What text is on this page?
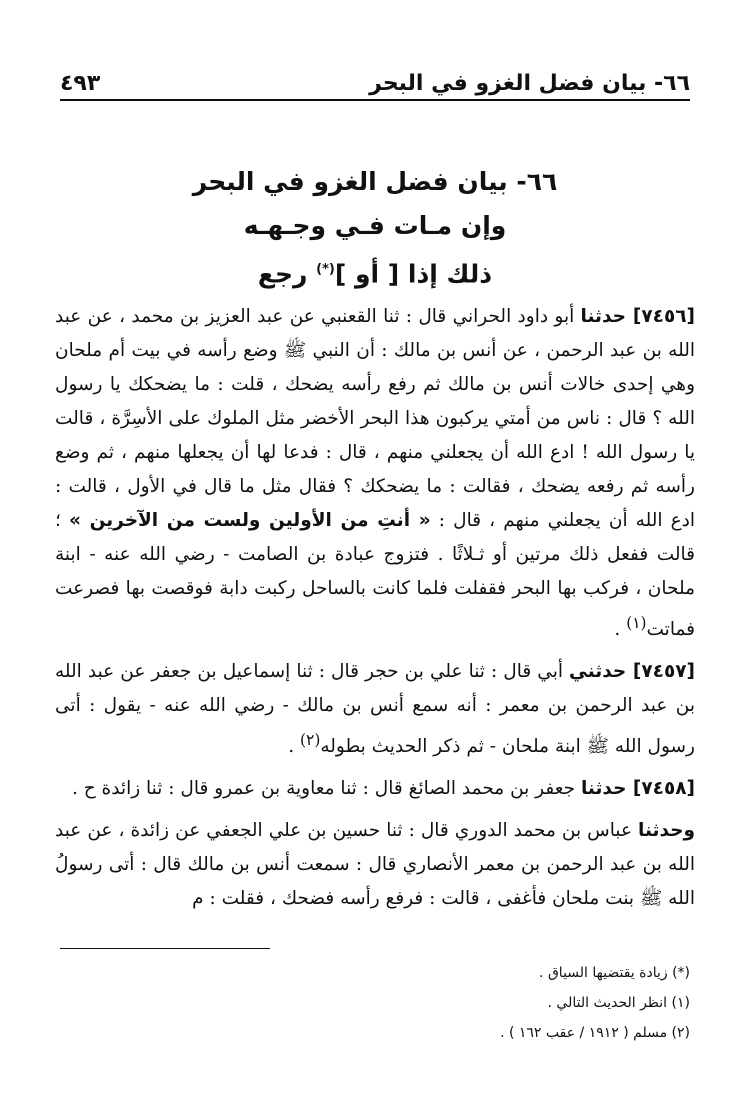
٦٦- بيان فضل الغزو في البحر
٤٩٣
٦٦- بيان فضل الغزو في البحر
وإن مـات فـي وجـهـه
ذلك إذا [ أو ](*) رجع

[٧٤٥٦] حدثنا أبو داود الحراني قال : ثنا القعنبي عن عبد العزيز بن محمد ، عن عبد الله بن عبد الرحمن ، عن أنس بن مالك : أن النبي ﷺ وضع رأسه في بيت أم ملحان وهي إحدى خالات أنس بن مالك ثم رفع رأسه يضحك ، قلت : ما يضحكك يا رسول الله ؟ قال : ناس من أمتي يركبون هذا البحر الأخضر مثل الملوك على الأسِرَّة ، قالت يا رسول الله ! ادع الله أن يجعلني منهم ، قال : فدعا لها أن يجعلها منهم ، ثم وضع رأسه ثم رفعه يضحك ، فقالت : ما يضحكك ؟ فقال مثل ما قال في الأول ، قالت : ادع الله أن يجعلني منهم ، قال : « أنتِ من الأولين ولست من الآخرين » ؛ قالت ففعل ذلك مرتين أو ثـلاثًا . فتزوج عبادة بن الصامت - رضي الله عنه - ابنة ملحان ، فركب بها البحر فقفلت فلما كانت بالساحل ركبت دابة فوقصت بها فصرعت فماتت$^{(١)}$ .

[٧٤٥٧] حدثني أبي قال : ثنا علي بن حجر قال : ثنا إسماعيل بن جعفر عن عبد الله بن عبد الرحمن بن معمر : أنه سمع أنس بن مالك - رضي الله عنه - يقول : أتى رسول الله ﷺ ابنة ملحان - ثم ذكر الحديث بطوله$^{(٢)}$ .

[٧٤٥٨] حدثنا جعفر بن محمد الصائغ قال : ثنا معاوية بن عمرو قال : ثنا زائدة ح .

وحدثنا عباس بن محمد الدوري قال : ثنا حسين بن علي الجعفي عن زائدة ، عن عبد الله بن عبد الرحمن بن معمر الأنصاري قال : سمعت أنس بن مالك قال : أتى رسولُ الله ﷺ بنت ملحان فأغفى ، قالت : فرفع رأسه فضحك ، فقلت : م

(*) زيادة يقتضيها السياق .
(١) انظر الحديث التالي .
(٢) مسلم ( ١٩١٢ / عقب ١٦٢ ) .
